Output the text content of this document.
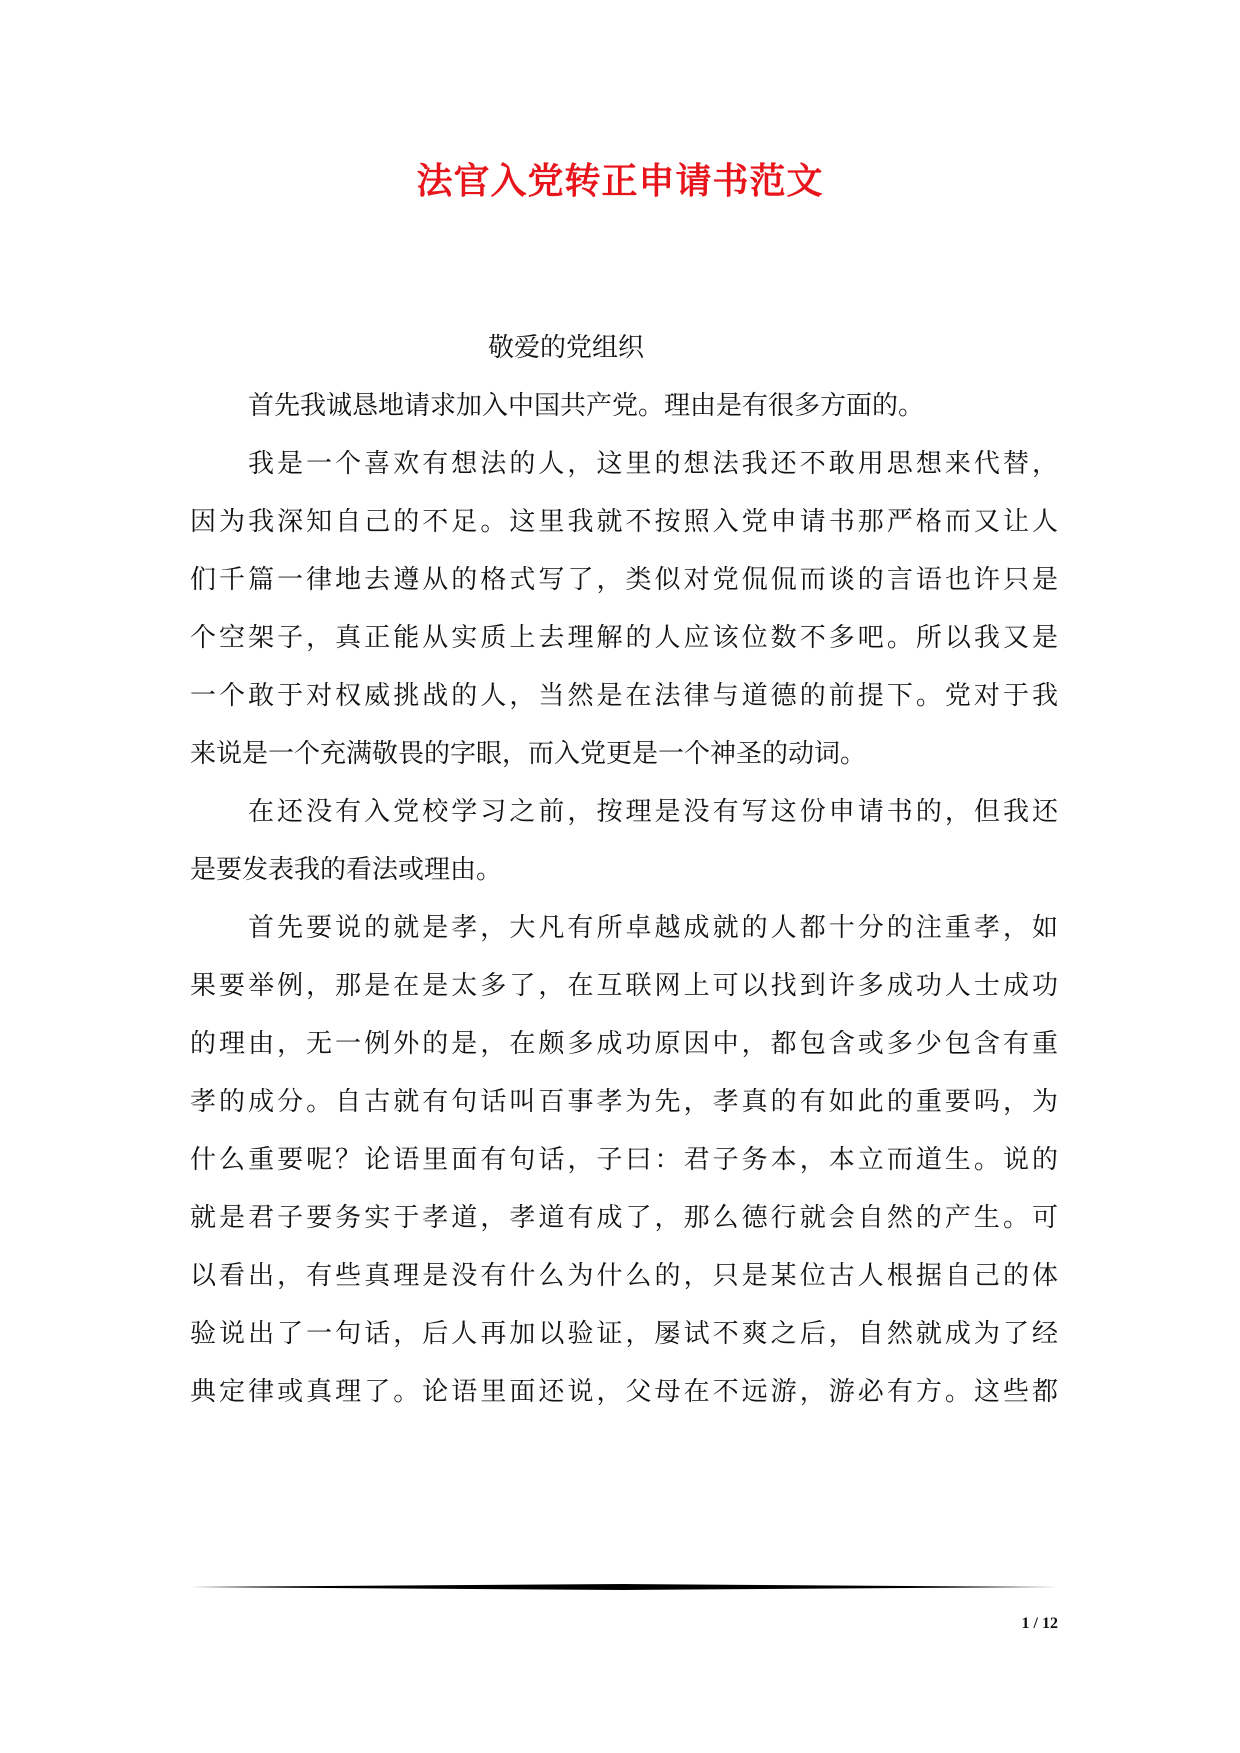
法官入党转正申请书范文
敬爱的党组织
首先我诚恳地请求加入中国共产党。理由是有很多方面的。
我是一个喜欢有想法的人，这里的想法我还不敢用思想来代替，
因为我深知自己的不足。这里我就不按照入党申请书那严格而又让人
们千篇一律地去遵从的格式写了，类似对党侃侃而谈的言语也许只是
个空架子，真正能从实质上去理解的人应该位数不多吧。所以我又是
一个敢于对权威挑战的人，当然是在法律与道德的前提下。党对于我
来说是一个充满敬畏的字眼，而入党更是一个神圣的动词。
在还没有入党校学习之前，按理是没有写这份申请书的，但我还
是要发表我的看法或理由。
首先要说的就是孝，大凡有所卓越成就的人都十分的注重孝，如
果要举例，那是在是太多了，在互联网上可以找到许多成功人士成功
的理由，无一例外的是，在颇多成功原因中，都包含或多少包含有重
孝的成分。自古就有句话叫百事孝为先，孝真的有如此的重要吗，为
什么重要呢？论语里面有句话，子曰：君子务本，本立而道生。说的
就是君子要务实于孝道，孝道有成了，那么德行就会自然的产生。可
以看出，有些真理是没有什么为什么的，只是某位古人根据自己的体
验说出了一句话，后人再加以验证，屡试不爽之后，自然就成为了经
典定律或真理了。论语里面还说，父母在不远游，游必有方。这些都
1 / 12
